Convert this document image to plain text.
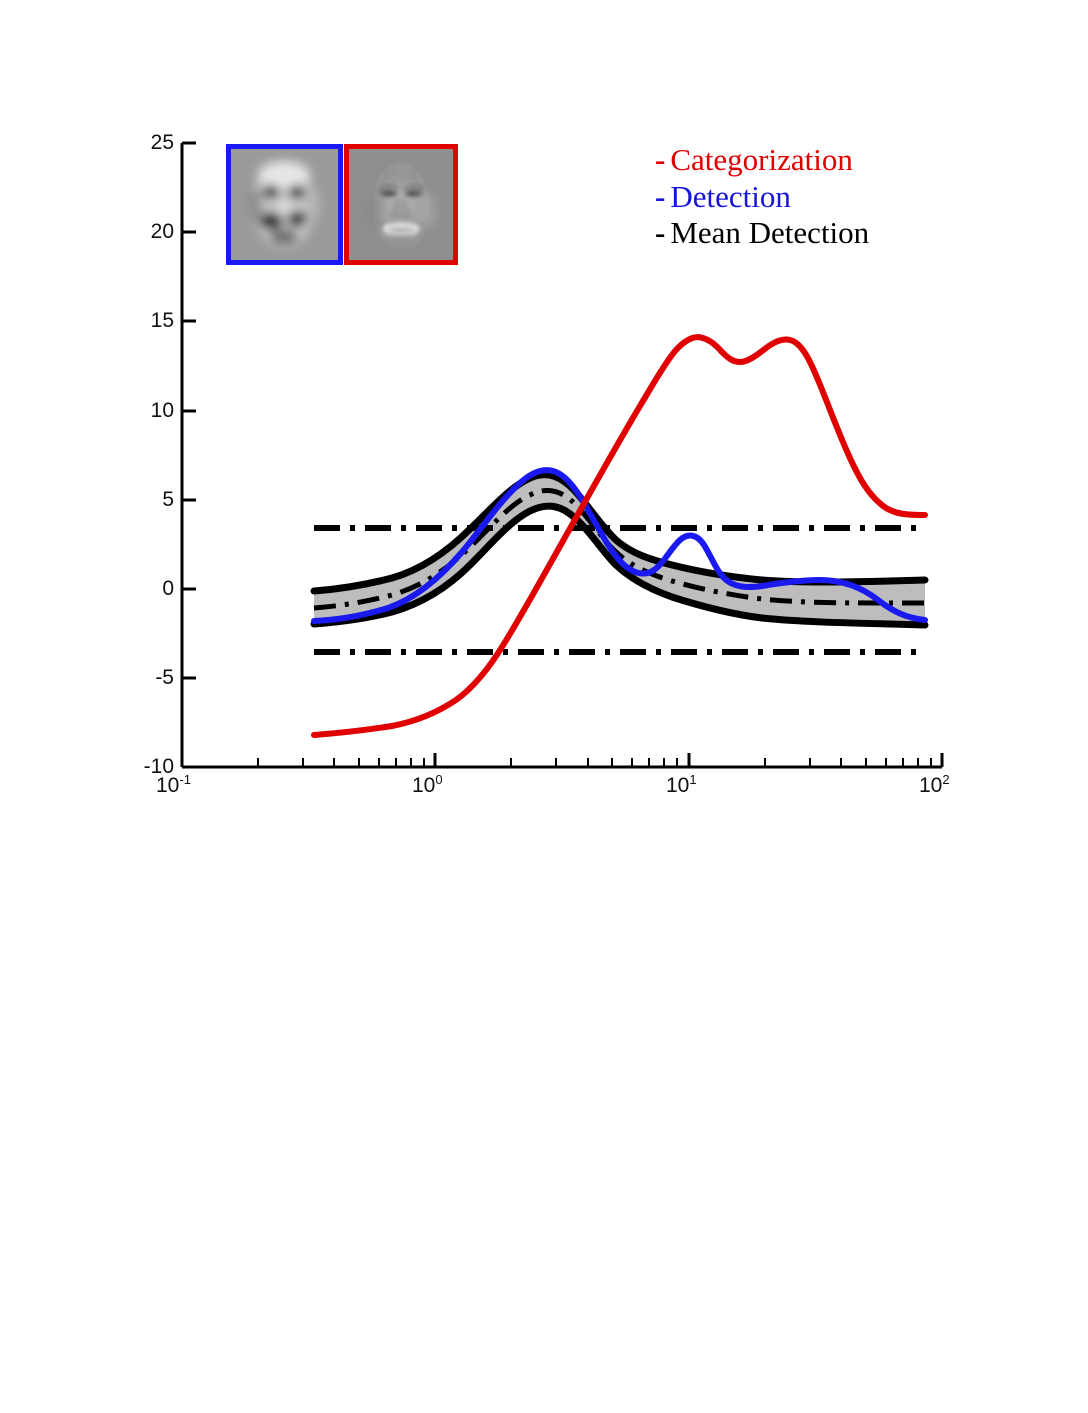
25
20
15
10
5
0
-5
-10
$10^{-1}$	$10^0$	$10^1$	$10^2$
- Categorization
- Detection
- Mean Detection
